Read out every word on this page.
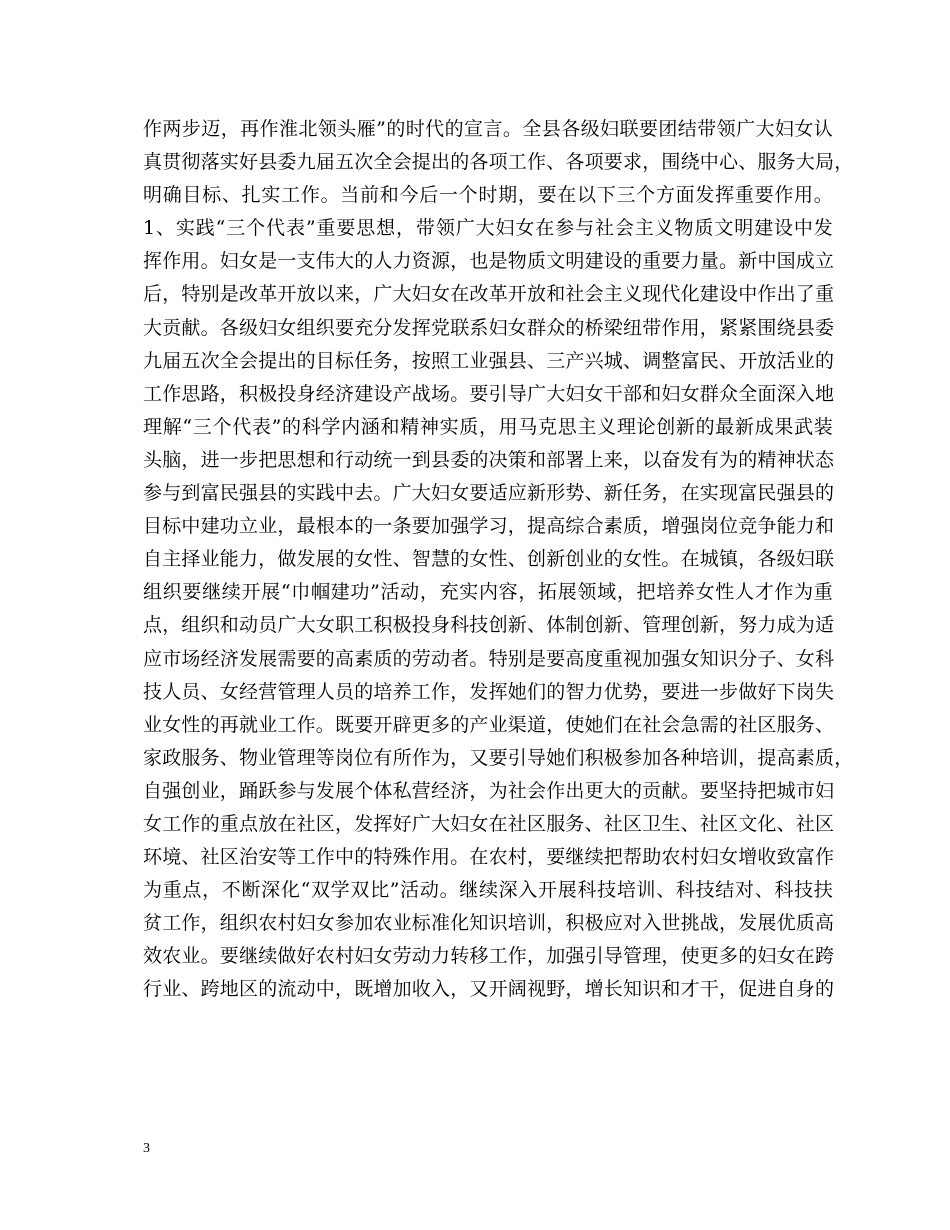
作两步迈，再作淮北领头雁”的时代的宣言。全县各级妇联要团结带领广大妇女认
真贯彻落实好县委九届五次全会提出的各项工作、各项要求，围绕中心、服务大局，
明确目标、扎实工作。当前和今后一个时期，要在以下三个方面发挥重要作用。
1、实践“三个代表”重要思想，带领广大妇女在参与社会主义物质文明建设中发
挥作用。妇女是一支伟大的人力资源，也是物质文明建设的重要力量。新中国成立
后，特别是改革开放以来，广大妇女在改革开放和社会主义现代化建设中作出了重
大贡献。各级妇女组织要充分发挥党联系妇女群众的桥梁纽带作用，紧紧围绕县委
九届五次全会提出的目标任务，按照工业强县、三产兴城、调整富民、开放活业的
工作思路，积极投身经济建设产战场。要引导广大妇女干部和妇女群众全面深入地
理解“三个代表”的科学内涵和精神实质，用马克思主义理论创新的最新成果武装
头脑，进一步把思想和行动统一到县委的决策和部署上来，以奋发有为的精神状态
参与到富民强县的实践中去。广大妇女要适应新形势、新任务，在实现富民强县的
目标中建功立业，最根本的一条要加强学习，提高综合素质，增强岗位竞争能力和
自主择业能力，做发展的女性、智慧的女性、创新创业的女性。在城镇，各级妇联
组织要继续开展“巾帼建功”活动，充实内容，拓展领域，把培养女性人才作为重
点，组织和动员广大女职工积极投身科技创新、体制创新、管理创新，努力成为适
应市场经济发展需要的高素质的劳动者。特别是要高度重视加强女知识分子、女科
技人员、女经营管理人员的培养工作，发挥她们的智力优势，要进一步做好下岗失
业女性的再就业工作。既要开辟更多的产业渠道，使她们在社会急需的社区服务、
家政服务、物业管理等岗位有所作为，又要引导她们积极参加各种培训，提高素质，
自强创业，踊跃参与发展个体私营经济，为社会作出更大的贡献。要坚持把城市妇
女工作的重点放在社区，发挥好广大妇女在社区服务、社区卫生、社区文化、社区
环境、社区治安等工作中的特殊作用。在农村，要继续把帮助农村妇女增收致富作
为重点，不断深化“双学双比”活动。继续深入开展科技培训、科技结对、科技扶
贫工作，组织农村妇女参加农业标准化知识培训，积极应对入世挑战，发展优质高
效农业。要继续做好农村妇女劳动力转移工作，加强引导管理，使更多的妇女在跨
行业、跨地区的流动中，既增加收入，又开阔视野，增长知识和才干，促进自身的
3
